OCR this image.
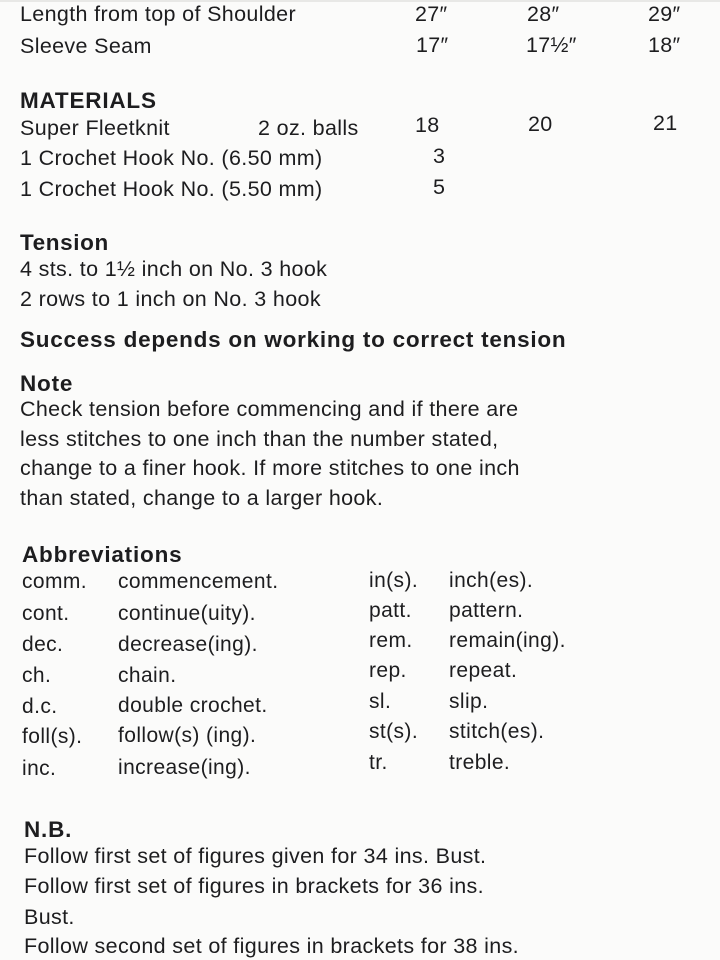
Length from top of Shoulder	27″	28″	29″
Sleeve Seam	17″	17½″	18″
MATERIALS
Super Fleetknit	2 oz. balls	18	20	21
1 Crochet Hook No. (6.50 mm)	3
1 Crochet Hook No. (5.50 mm)	5
Tension
4 sts. to 1½ inch on No. 3 hook
2 rows to 1 inch on No. 3 hook
Success depends on working to correct tension
Note
Check tension before commencing and if there are
less stitches to one inch than the number stated,
change to a finer hook. If more stitches to one inch
than stated, change to a larger hook.
Abbreviations
comm. commencement.
cont. continue(uity).
dec.	decrease(ing).
ch.	chain.
d.c.	double crochet.
foll(s). follow(s) (ing).
inc.	increase(ing).
in(s). inch(es).
patt. pattern.
rem. remain(ing).
rep. repeat.
sl.	slip.
st(s). stitch(es).
tr.	treble.
N.B.
Follow first set of figures given for 34 ins. Bust.
Follow first set of figures in brackets for 36 ins.
Bust.
Follow second set of figures in brackets for 38 ins.
